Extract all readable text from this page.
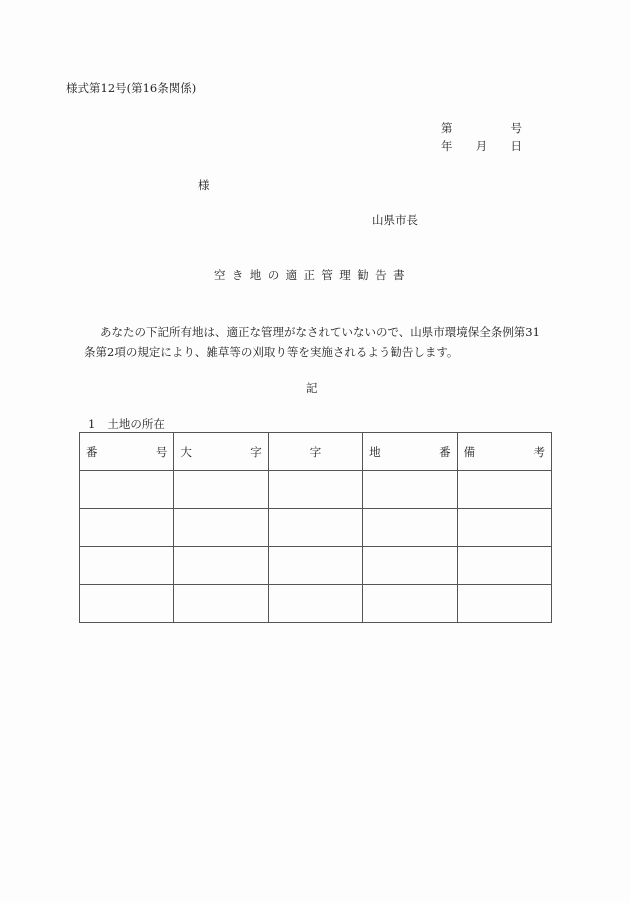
様式第12号(第16条関係)
第	号
年 月 日
様
山県市長
空き地の適正管理勧告書

あなたの下記所有地は、適正な管理がなされていないので、山県市環境保全条例第31

条第2項の規定により、雑草等の刈取り等を実施されるよう勧告します。

記
1 土地の所在
番 号	大 字	字	地 番	備 考
